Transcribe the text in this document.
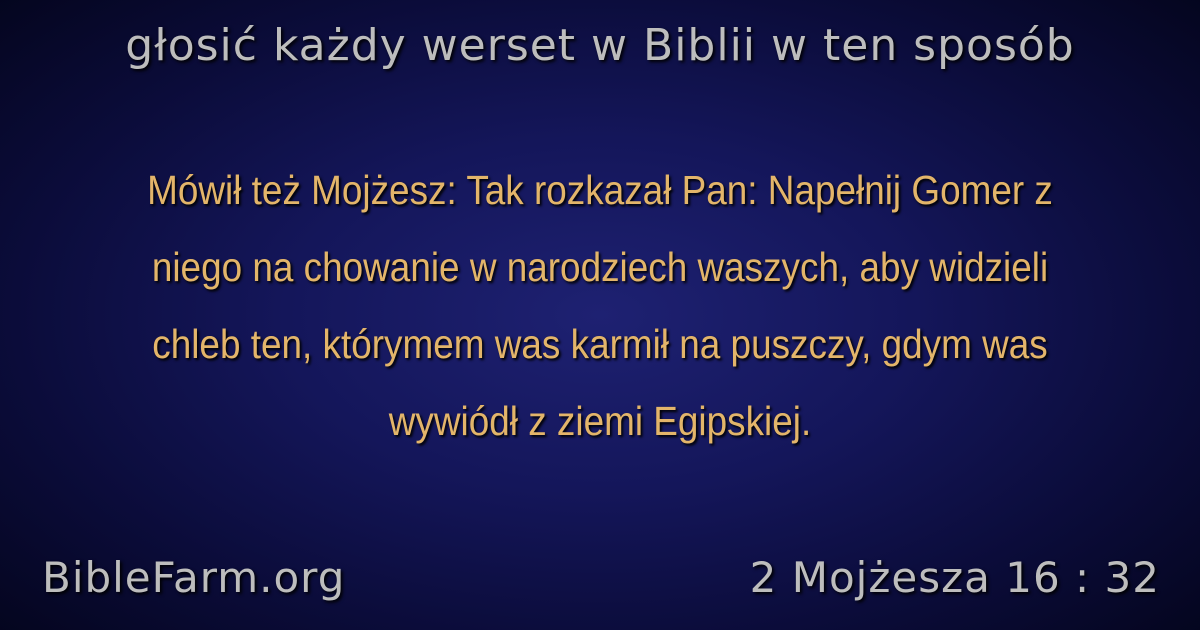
głosić każdy werset w Biblii w ten sposób
Mówił też Mojżesz: Tak rozkazał Pan: Napełnij Gomer z niego na chowanie w narodziech waszych, aby widzieli chleb ten, którymem was karmił na puszczy, gdym was wywiódł z ziemi Egipskiej.
BibleFarm.org	2 Mojżesza 16 : 32
